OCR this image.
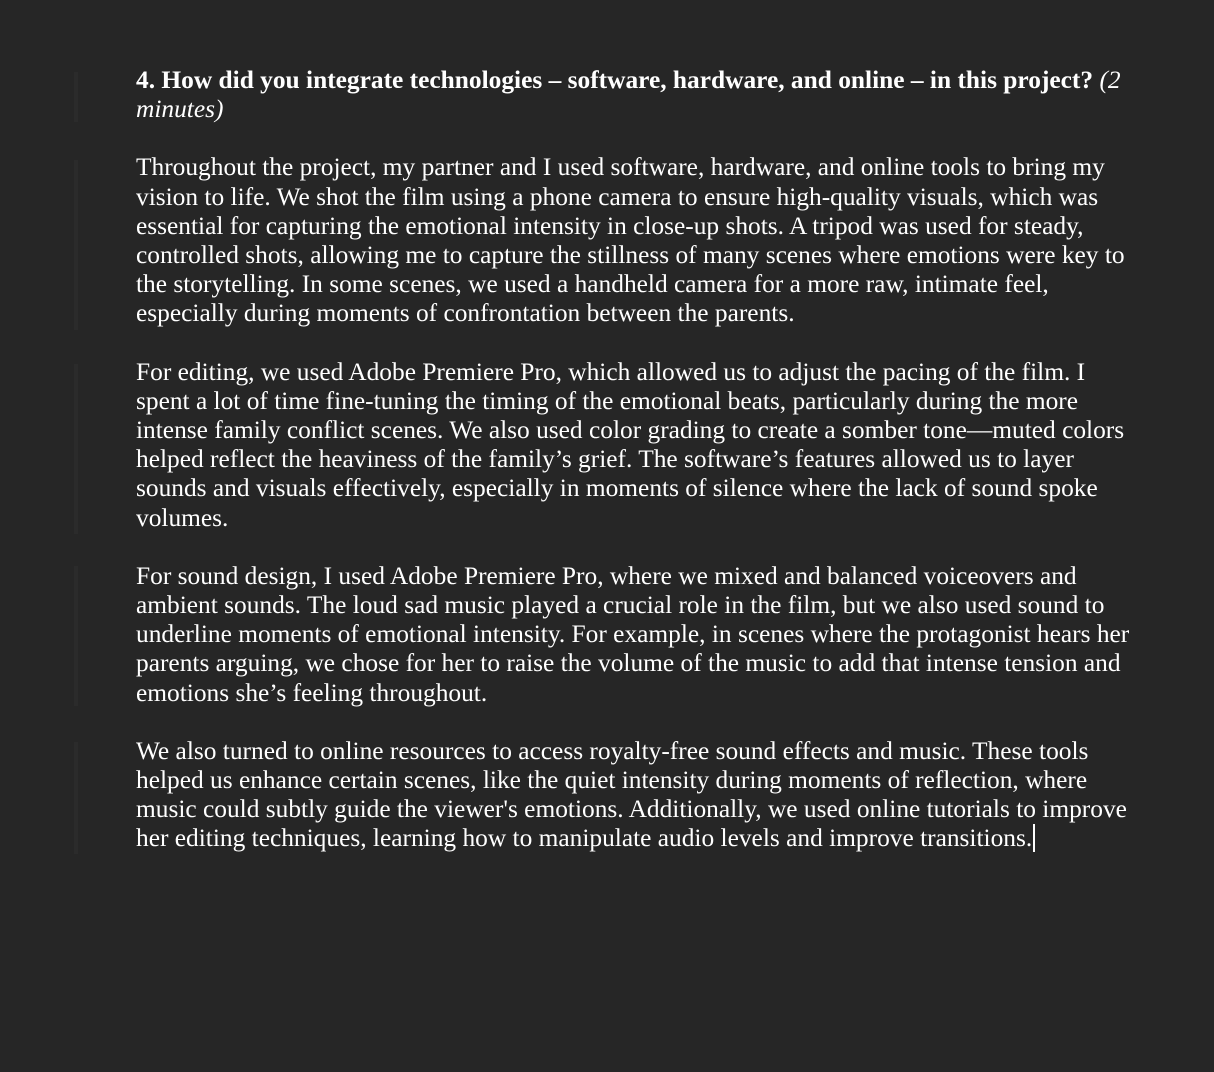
4. How did you integrate technologies – software, hardware, and online – in this project? (2 minutes)

Throughout the project, my partner and I used software, hardware, and online tools to bring my vision to life. We shot the film using a phone camera to ensure high-quality visuals, which was essential for capturing the emotional intensity in close-up shots. A tripod was used for steady, controlled shots, allowing me to capture the stillness of many scenes where emotions were key to the storytelling. In some scenes, we used a handheld camera for a more raw, intimate feel, especially during moments of confrontation between the parents.

For editing, we used Adobe Premiere Pro, which allowed us to adjust the pacing of the film. I spent a lot of time fine-tuning the timing of the emotional beats, particularly during the more intense family conflict scenes. We also used color grading to create a somber tone—muted colors helped reflect the heaviness of the family’s grief. The software’s features allowed us to layer sounds and visuals effectively, especially in moments of silence where the lack of sound spoke volumes.

For sound design, I used Adobe Premiere Pro, where we mixed and balanced voiceovers and ambient sounds. The loud sad music played a crucial role in the film, but we also used sound to underline moments of emotional intensity. For example, in scenes where the protagonist hears her parents arguing, we chose for her to raise the volume of the music to add that intense tension and emotions she’s feeling throughout.

We also turned to online resources to access royalty-free sound effects and music. These tools helped us enhance certain scenes, like the quiet intensity during moments of reflection, where music could subtly guide the viewer's emotions. Additionally, we used online tutorials to improve her editing techniques, learning how to manipulate audio levels and improve transitions.
